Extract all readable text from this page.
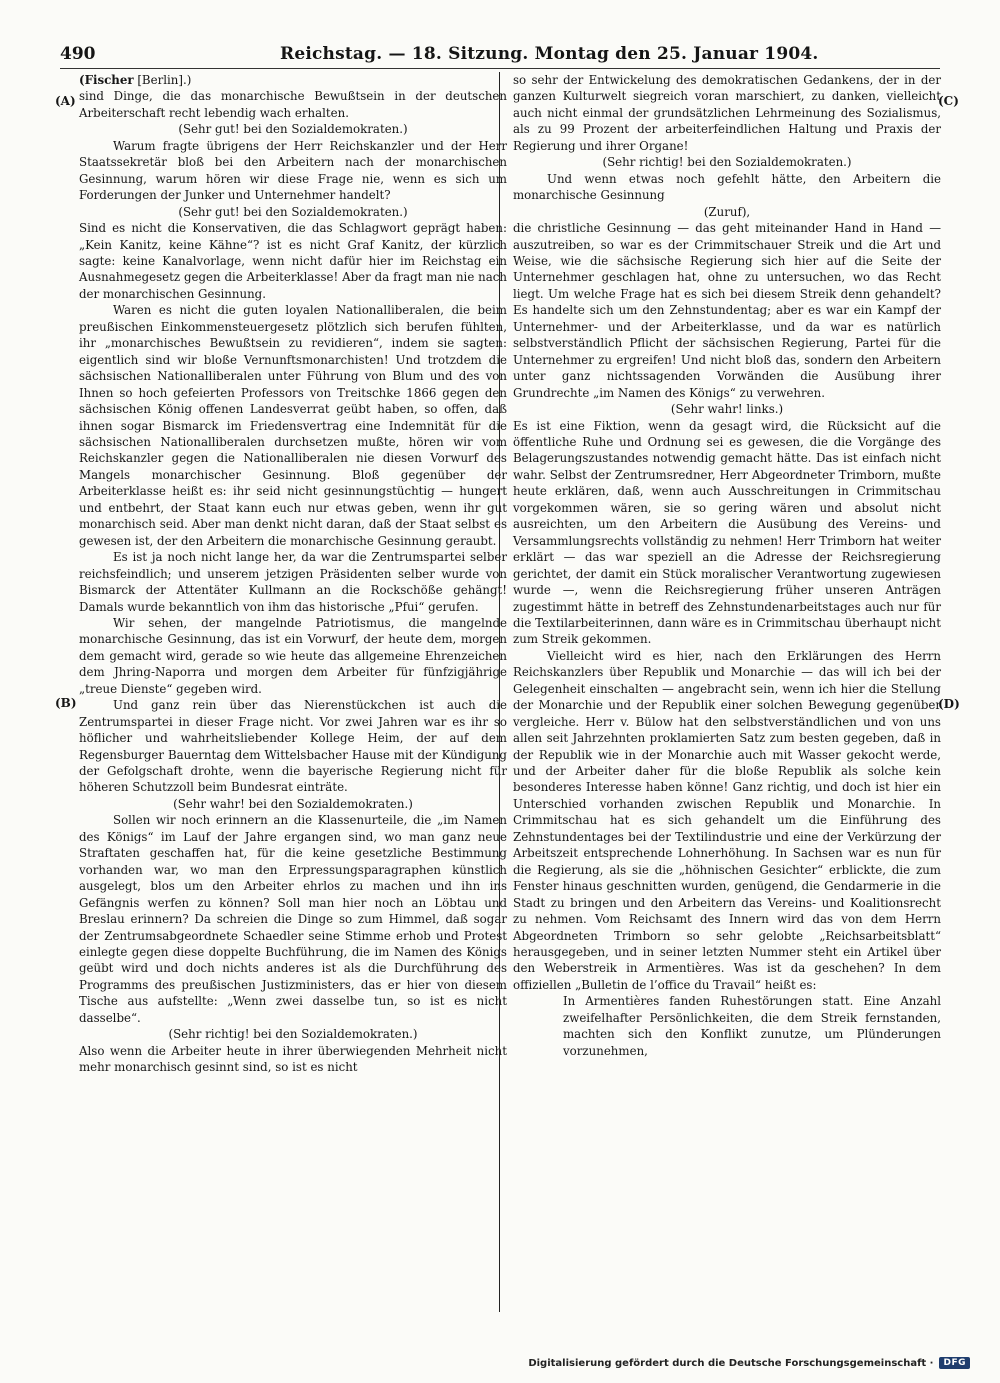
490	Reichstag. — 18. Sitzung. Montag den 25. Januar 1904.
(A)
(B)
(C)
(D)

(Fischer [Berlin].)

sind Dinge, die das monarchische Bewußtsein in der deutschen Arbeiterschaft recht lebendig wach erhalten.

(Sehr gut! bei den Sozialdemokraten.)

Warum fragte übrigens der Herr Reichskanzler und der Herr Staatssekretär bloß bei den Arbeitern nach der monarchischen Gesinnung, warum hören wir diese Frage nie, wenn es sich um Forderungen der Junker und Unternehmer handelt?

(Sehr gut! bei den Sozialdemokraten.)

Sind es nicht die Konservativen, die das Schlagwort geprägt haben: „Kein Kanitz, keine Kähne“? ist es nicht Graf Kanitz, der kürzlich sagte: keine Kanalvorlage, wenn nicht dafür hier im Reichstag ein Ausnahmegesetz gegen die Arbeiterklasse! Aber da fragt man nie nach der monarchischen Gesinnung.

Waren es nicht die guten loyalen Nationalliberalen, die beim preußischen Einkommensteuergesetz plötzlich sich berufen fühlten, ihr „monarchisches Bewußtsein zu revidieren“, indem sie sagten: eigentlich sind wir bloße Vernunftsmonarchisten! Und trotzdem die sächsischen Nationalliberalen unter Führung von Blum und des von Ihnen so hoch gefeierten Professors von Treitschke 1866 gegen den sächsischen König offenen Landesverrat geübt haben, so offen, daß ihnen sogar Bismarck im Friedensvertrag eine Indemnität für die sächsischen Nationalliberalen durchsetzen mußte, hören wir vom Reichskanzler gegen die Nationalliberalen nie diesen Vorwurf des Mangels monarchischer Gesinnung. Bloß gegenüber der Arbeiterklasse heißt es: ihr seid nicht gesinnungstüchtig — hungert und entbehrt, der Staat kann euch nur etwas geben, wenn ihr gut monarchisch seid. Aber man denkt nicht daran, daß der Staat selbst es gewesen ist, der den Arbeitern die monarchische Gesinnung geraubt.

Es ist ja noch nicht lange her, da war die Zentrumspartei selber reichsfeindlich; und unserem jetzigen Präsidenten selber wurde von Bismarck der Attentäter Kullmann an die Rockschöße gehängt! Damals wurde bekanntlich von ihm das historische „Pfui“ gerufen.

Wir sehen, der mangelnde Patriotismus, die mangelnde monarchische Gesinnung, das ist ein Vorwurf, der heute dem, morgen dem gemacht wird, gerade so wie heute das allgemeine Ehrenzeichen dem Jhring-Naporra und morgen dem Arbeiter für fünfzigjährige „treue Dienste“ gegeben wird.

Und ganz rein über das Nierenstückchen ist auch die Zentrumspartei in dieser Frage nicht. Vor zwei Jahren war es ihr so höflicher und wahrheitsliebender Kollege Heim, der auf dem Regensburger Bauerntag dem Wittelsbacher Hause mit der Kündigung der Gefolgschaft drohte, wenn die bayerische Regierung nicht für höheren Schutzzoll beim Bundesrat einträte.

(Sehr wahr! bei den Sozialdemokraten.)

Sollen wir noch erinnern an die Klassenurteile, die „im Namen des Königs“ im Lauf der Jahre ergangen sind, wo man ganz neue Straftaten geschaffen hat, für die keine gesetzliche Bestimmung vorhanden war, wo man den Erpressungsparagraphen künstlich ausgelegt, blos um den Arbeiter ehrlos zu machen und ihn ins Gefängnis werfen zu können? Soll man hier noch an Löbtau und Breslau erinnern? Da schreien die Dinge so zum Himmel, daß sogar der Zentrumsabgeordnete Schaedler seine Stimme erhob und Protest einlegte gegen diese doppelte Buchführung, die im Namen des Königs geübt wird und doch nichts anderes ist als die Durchführung des Programms des preußischen Justizministers, das er hier von diesem Tische aus aufstellte: „Wenn zwei dasselbe tun, so ist es nicht dasselbe“.

(Sehr richtig! bei den Sozialdemokraten.)

Also wenn die Arbeiter heute in ihrer überwiegenden Mehrheit nicht mehr monarchisch gesinnt sind, so ist es nicht

so sehr der Entwickelung des demokratischen Gedankens, der in der ganzen Kulturwelt siegreich voran marschiert, zu danken, vielleicht auch nicht einmal der grundsätzlichen Lehrmeinung des Sozialismus, als zu 99 Prozent der arbeiterfeindlichen Haltung und Praxis der Regierung und ihrer Organe!

(Sehr richtig! bei den Sozialdemokraten.)

Und wenn etwas noch gefehlt hätte, den Arbeitern die monarchische Gesinnung

(Zuruf),

die christliche Gesinnung — das geht miteinander Hand in Hand — auszutreiben, so war es der Crimmitschauer Streik und die Art und Weise, wie die sächsische Regierung sich hier auf die Seite der Unternehmer geschlagen hat, ohne zu untersuchen, wo das Recht liegt. Um welche Frage hat es sich bei diesem Streik denn gehandelt? Es handelte sich um den Zehnstundentag; aber es war ein Kampf der Unternehmer- und der Arbeiterklasse, und da war es natürlich selbstverständlich Pflicht der sächsischen Regierung, Partei für die Unternehmer zu ergreifen! Und nicht bloß das, sondern den Arbeitern unter ganz nichtssagenden Vorwänden die Ausübung ihrer Grundrechte „im Namen des Königs“ zu verwehren.

(Sehr wahr! links.)

Es ist eine Fiktion, wenn da gesagt wird, die Rücksicht auf die öffentliche Ruhe und Ordnung sei es gewesen, die die Vorgänge des Belagerungszustandes notwendig gemacht hätte. Das ist einfach nicht wahr. Selbst der Zentrumsredner, Herr Abgeordneter Trimborn, mußte heute erklären, daß, wenn auch Ausschreitungen in Crimmitschau vorgekommen wären, sie so gering wären und absolut nicht ausreichten, um den Arbeitern die Ausübung des Vereins- und Versammlungsrechts vollständig zu nehmen! Herr Trimborn hat weiter erklärt — das war speziell an die Adresse der Reichsregierung gerichtet, der damit ein Stück moralischer Verantwortung zugewiesen wurde —, wenn die Reichsregierung früher unseren Anträgen zugestimmt hätte in betreff des Zehnstundenarbeitstages auch nur für die Textilarbeiterinnen, dann wäre es in Crimmitschau überhaupt nicht zum Streik gekommen.

Vielleicht wird es hier, nach den Erklärungen des Herrn Reichskanzlers über Republik und Monarchie — das will ich bei der Gelegenheit einschalten — angebracht sein, wenn ich hier die Stellung der Monarchie und der Republik einer solchen Bewegung gegenüber vergleiche. Herr v. Bülow hat den selbstverständlichen und von uns allen seit Jahrzehnten proklamierten Satz zum besten gegeben, daß in der Republik wie in der Monarchie auch mit Wasser gekocht werde, und der Arbeiter daher für die bloße Republik als solche kein besonderes Interesse haben könne! Ganz richtig, und doch ist hier ein Unterschied vorhanden zwischen Republik und Monarchie. In Crimmitschau hat es sich gehandelt um die Einführung des Zehnstundentages bei der Textilindustrie und eine der Verkürzung der Arbeitszeit entsprechende Lohnerhöhung. In Sachsen war es nun für die Regierung, als sie die „höhnischen Gesichter“ erblickte, die zum Fenster hinaus geschnitten wurden, genügend, die Gendarmerie in die Stadt zu bringen und den Arbeitern das Vereins- und Koalitionsrecht zu nehmen. Vom Reichsamt des Innern wird das von dem Herrn Abgeordneten Trimborn so sehr gelobte „Reichsarbeitsblatt“ herausgegeben, und in seiner letzten Nummer steht ein Artikel über den Weberstreik in Armentières. Was ist da geschehen? In dem offiziellen „Bulletin de l’office du Travail“ heißt es:

In Armentières fanden Ruhestörungen statt. Eine Anzahl zweifelhafter Persönlichkeiten, die dem Streik fernstanden, machten sich den Konflikt zunutze, um Plünderungen vorzunehmen,

Digitalisierung gefördert durch die Deutsche Forschungsgemeinschaft ·	DFG
